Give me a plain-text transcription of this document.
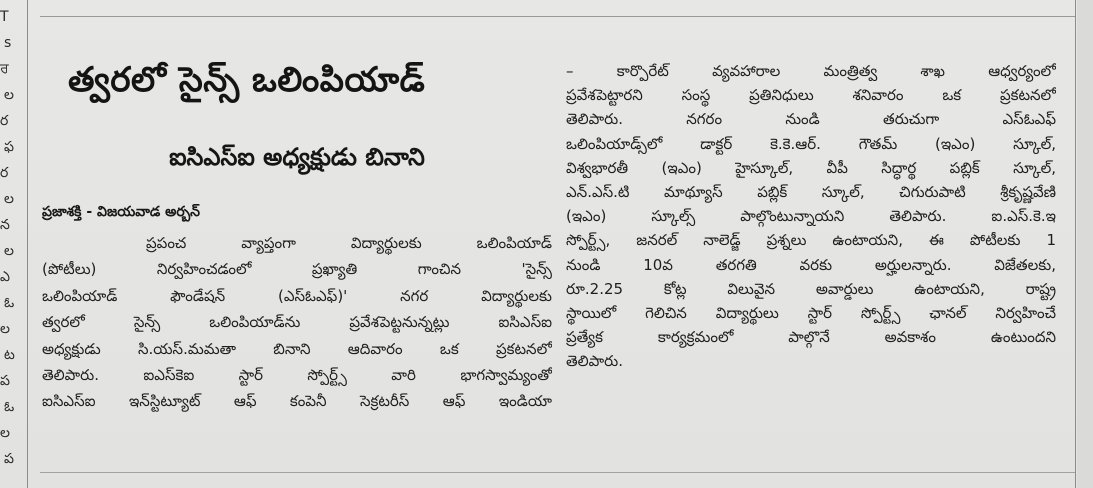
T
s
ਰ
ల
ర
ఫ
ర
ల
న
ల
ఎ
ఓ
ల
ట
ప
ఓ
ల
ప
త్వరలో సైన్స్ ఒలింపియాడ్
ఐసిఎస్ఐ అధ్యక్షుడు బినాని
ప్రజాశక్తి - విజయవాడ అర్బన్
ప్రపంచ వ్యాప్తంగా విద్యార్థులకు ఒలింపియాడ్
(పోటీలు) నిర్వహించడంలో ప్రఖ్యాతి గాంచిన 'సైన్స్
ఒలింపియాడ్ ఫౌండేషన్ (ఎస్ఓఎఫ్)' నగర విద్యార్థులకు
త్వరలో సైన్స్ ఒలింపియాడ్‌ను ప్రవేశపెట్టనున్నట్లు ఐసిఎస్ఐ
అధ్యక్షుడు సి.యస్.మమతా బినాని ఆదివారం ఒక ప్రకటనలో
తెలిపారు. ఐఎస్‌కెఐ స్టార్ స్పోర్ట్స్ వారి భాగస్వామ్యంతో
ఐసిఎస్ఐ ఇన్‌స్టిట్యూట్ ఆఫ్ కంపెనీ సెక్రటరీస్ ఆఫ్ ఇండియా
– కార్పొరేట్ వ్యవహారాల మంత్రిత్వ శాఖ ఆధ్వర్యంలో
ప్రవేశపెట్టారని సంస్థ ప్రతినిధులు శనివారం ఒక ప్రకటనలో
తెలిపారు. నగరం నుండి తరుచుగా ఎస్ఓఎఫ్
ఒలింపియాడ్స్‌లో డాక్టర్ కె.కె.ఆర్. గౌతమ్ (ఇఎం) స్కూల్,
విశ్వభారతీ (ఇఎం) హైస్కూల్, వీపీ సిద్ధార్థ పబ్లిక్ స్కూల్,
ఎన్.ఎస్.టి మాథ్యూస్ పబ్లిక్ స్కూల్, చిగురుపాటి శ్రీకృష్ణవేణి
(ఇఎం) స్కూల్స్ పాల్గొంటున్నాయని తెలిపారు. ఐ.ఎస్.కె.ఇ
స్పోర్ట్స్, జనరల్ నాలెడ్జ్ ప్రశ్నలు ఉంటాయని, ఈ పోటీలకు 1
నుండి 10వ తరగతి వరకు అర్హులన్నారు. విజేతలకు,
రూ.2.25 కోట్ల విలువైన అవార్డులు ఉంటాయని, రాష్ట్ర
స్థాయిలో గెలిచిన విద్యార్థులు స్టార్ స్పోర్ట్స్ ఛానల్ నిర్వహించే
ప్రత్యేక కార్యక్రమంలో పాల్గొనే అవకాశం ఉంటుందని
తెలిపారు.
